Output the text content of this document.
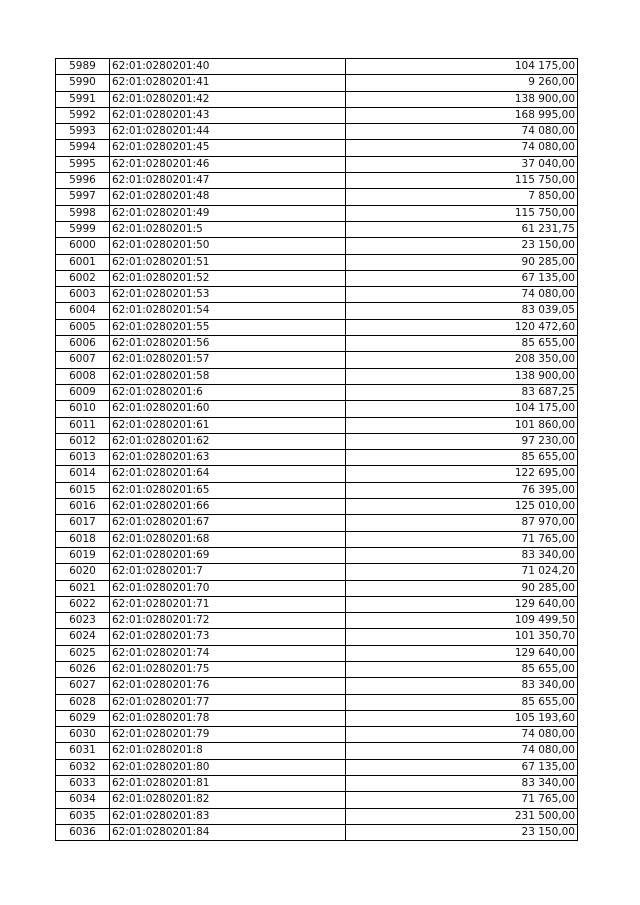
5989	62:01:0280201:40	104 175,00
5990	62:01:0280201:41	9 260,00
5991	62:01:0280201:42	138 900,00
5992	62:01:0280201:43	168 995,00
5993	62:01:0280201:44	74 080,00
5994	62:01:0280201:45	74 080,00
5995	62:01:0280201:46	37 040,00
5996	62:01:0280201:47	115 750,00
5997	62:01:0280201:48	7 850,00
5998	62:01:0280201:49	115 750,00
5999	62:01:0280201:5	61 231,75
6000	62:01:0280201:50	23 150,00
6001	62:01:0280201:51	90 285,00
6002	62:01:0280201:52	67 135,00
6003	62:01:0280201:53	74 080,00
6004	62:01:0280201:54	83 039,05
6005	62:01:0280201:55	120 472,60
6006	62:01:0280201:56	85 655,00
6007	62:01:0280201:57	208 350,00
6008	62:01:0280201:58	138 900,00
6009	62:01:0280201:6	83 687,25
6010	62:01:0280201:60	104 175,00
6011	62:01:0280201:61	101 860,00
6012	62:01:0280201:62	97 230,00
6013	62:01:0280201:63	85 655,00
6014	62:01:0280201:64	122 695,00
6015	62:01:0280201:65	76 395,00
6016	62:01:0280201:66	125 010,00
6017	62:01:0280201:67	87 970,00
6018	62:01:0280201:68	71 765,00
6019	62:01:0280201:69	83 340,00
6020	62:01:0280201:7	71 024,20
6021	62:01:0280201:70	90 285,00
6022	62:01:0280201:71	129 640,00
6023	62:01:0280201:72	109 499,50
6024	62:01:0280201:73	101 350,70
6025	62:01:0280201:74	129 640,00
6026	62:01:0280201:75	85 655,00
6027	62:01:0280201:76	83 340,00
6028	62:01:0280201:77	85 655,00
6029	62:01:0280201:78	105 193,60
6030	62:01:0280201:79	74 080,00
6031	62:01:0280201:8	74 080,00
6032	62:01:0280201:80	67 135,00
6033	62:01:0280201:81	83 340,00
6034	62:01:0280201:82	71 765,00
6035	62:01:0280201:83	231 500,00
6036	62:01:0280201:84	23 150,00
